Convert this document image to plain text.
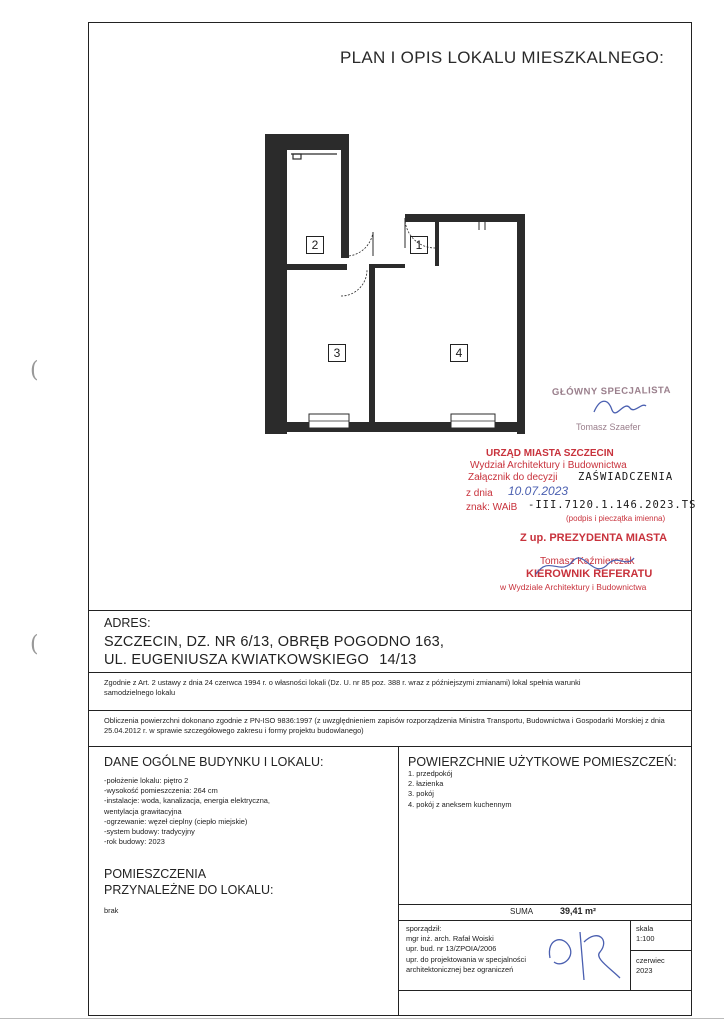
(
(
PLAN I OPIS LOKALU MIESZKALNEGO:
2	1
3	4
GŁÓWNY SPECJALISTA
Tomasz Szaefer
URZĄD MIASTA SZCZECIN
Wydział Architektury i Budownictwa
Załącznik do decyzji ZAŚWIADCZENIA
z dnia 10.07.2023
znak: WAiB -III.7120.1.146.2023.TS
(podpis i pieczątka imienna)
Z up. PREZYDENTA MIASTA
Tomasz Kaźmierczak
KIEROWNIK REFERATU
w Wydziale Architektury i Budownictwa
ADRES:
SZCZECIN, DZ. NR 6/13, OBRĘB POGODNO 163,
UL. EUGENIUSZA KWIATKOWSKIEGO 14/13
Zgodnie z Art. 2 ustawy z dnia 24 czerwca 1994 r. o własności lokali (Dz. U. nr 85 poz. 388 r. wraz z późniejszymi zmianami) lokal spełnia warunki samodzielnego lokalu
Obliczenia powierzchni dokonano zgodnie z PN-ISO 9836:1997 (z uwzględnieniem zapisów rozporządzenia Ministra Transportu, Budownictwa i Gospodarki Morskiej z dnia 25.04.2012 r. w sprawie szczegółowego zakresu i formy projektu budowlanego)
DANE OGÓLNE BUDYNKU I LOKALU:
-położenie lokalu: piętro 2
-wysokość pomieszczenia: 264 cm
-instalacje: woda, kanalizacja, energia elektryczna,
wentylacja grawitacyjna
-ogrzewanie: węzeł cieplny (ciepło miejskie)
-system budowy: tradycyjny
-rok budowy: 2023
POMIESZCZENIA
PRZYNALEŻNE DO LOKALU:
brak
POWIERZCHNIE UŻYTKOWE POMIESZCZEŃ:
1. przedpokój
2. łazienka
3. pokój
4. pokój z aneksem kuchennym
SUMA	39,41 m²
sporządził:
mgr inż. arch. Rafał Woiski
upr. bud. nr 13/ZPOIA/2006
upr. do projektowania w specjalności
architektonicznej bez ograniczeń
skala
1:100
czerwiec
2023
